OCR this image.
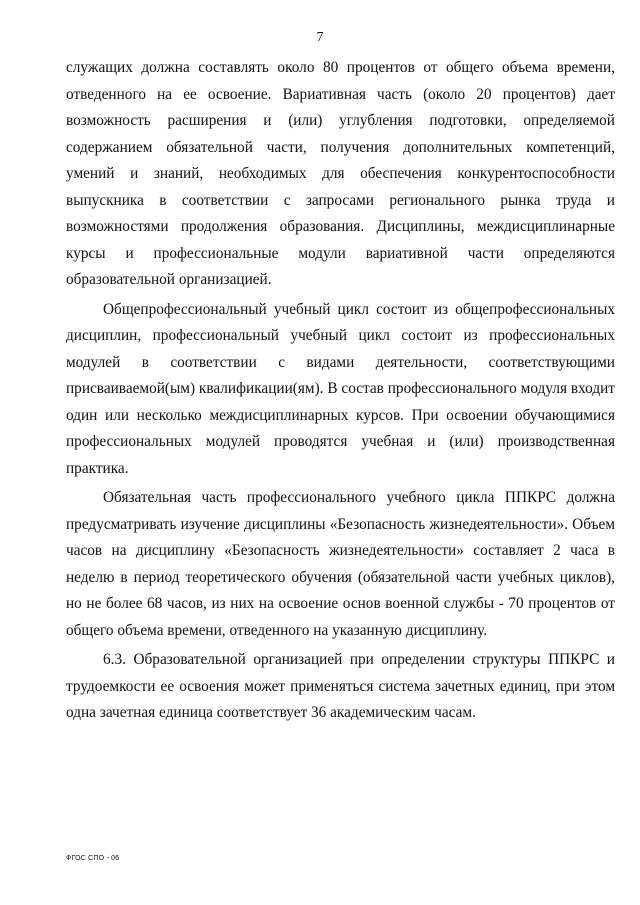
7

служащих должна составлять около 80 процентов от общего объема времени, отведенного на ее освоение. Вариативная часть (около 20 процентов) дает возможность расширения и (или) углубления подготовки, определяемой содержанием обязательной части, получения дополнительных компетенций, умений и знаний, необходимых для обеспечения конкурентоспособности выпускника в соответствии с запросами регионального рынка труда и возможностями продолжения образования. Дисциплины, междисциплинарные курсы и профессиональные модули вариативной части определяются образовательной организацией.

Общепрофессиональный учебный цикл состоит из общепрофессиональных дисциплин, профессиональный учебный цикл состоит из профессиональных модулей в соответствии с видами деятельности, соответствующими присваиваемой(ым) квалификации(ям). В состав профессионального модуля входит один или несколько междисциплинарных курсов. При освоении обучающимися профессиональных модулей проводятся учебная и (или) производственная практика.

Обязательная часть профессионального учебного цикла ППКРС должна предусматривать изучение дисциплины «Безопасность жизнедеятельности». Объем часов на дисциплину «Безопасность жизнедеятельности» составляет 2 часа в неделю в период теоретического обучения (обязательной части учебных циклов), но не более 68 часов, из них на освоение основ военной службы - 70 процентов от общего объема времени, отведенного на указанную дисциплину.

6.3. Образовательной организацией при определении структуры ППКРС и трудоемкости ее освоения может применяться система зачетных единиц, при этом одна зачетная единица соответствует 36 академическим часам.

ФГОС СПО - 06
